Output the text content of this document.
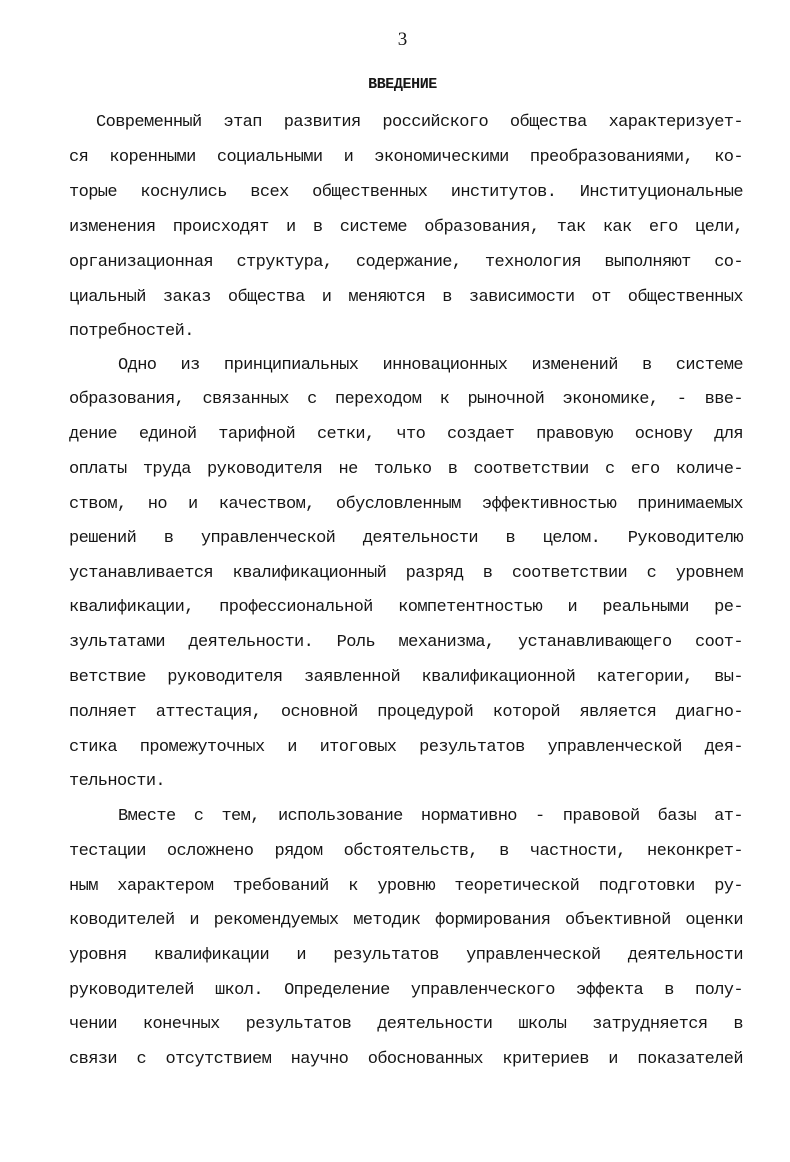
3
ВВЕДЕНИЕ
Современный этап развития российского общества характеризует-
ся коренными социальными и экономическими преобразованиями, ко-
торые коснулись всех общественных институтов. Институциональные
изменения происходят и в системе образования, так как его цели,
организационная структура, содержание, технология выполняют со-
циальный заказ общества и меняются в зависимости от общественных
потребностей.
Одно из принципиальных инновационных изменений в системе
образования, связанных с переходом к рыночной экономике, - вве-
дение единой тарифной сетки, что создает правовую основу для
оплаты труда руководителя не только в соответствии с его количе-
ством, но и качеством, обусловленным эффективностью принимаемых
решений в управленческой деятельности в целом. Руководителю
устанавливается квалификационный разряд в соответствии с уровнем
квалификации, профессиональной компетентностью и реальными ре-
зультатами деятельности. Роль механизма, устанавливающего соот-
ветствие руководителя заявленной квалификационной категории, вы-
полняет аттестация, основной процедурой которой является диагно-
стика промежуточных и итоговых результатов управленческой дея-
тельности.
Вместе с тем, использование нормативно - правовой базы ат-
тестации осложнено рядом обстоятельств, в частности, неконкрет-
ным характером требований к уровню теоретической подготовки ру-
ководителей и рекомендуемых методик формирования объективной оценки
уровня квалификации и результатов управленческой деятельности
руководителей школ. Определение управленческого эффекта в полу-
чении конечных результатов деятельности школы затрудняется в
связи с отсутствием научно обоснованных критериев и показателей
